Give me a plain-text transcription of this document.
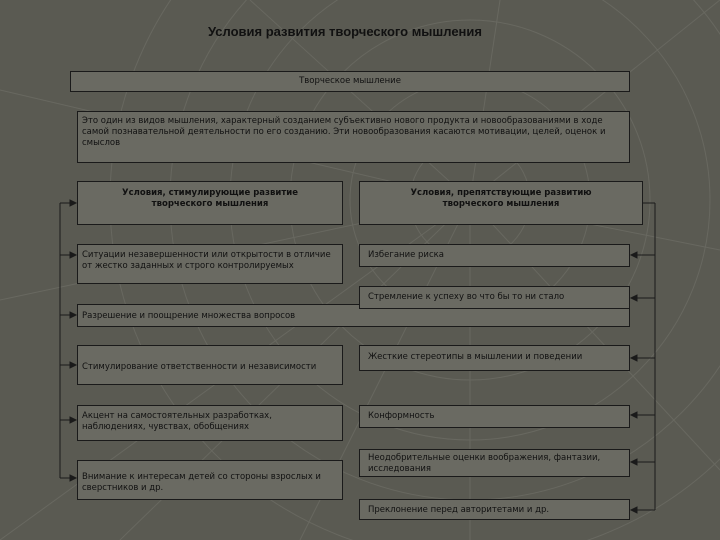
Условия развития творческого мышления
Творческое мышление
Это один из видов мышления, характерный созданием субъективно нового продукта и новообразованиями в ходе самой познавательной деятельности по его созданию. Эти новообразования касаются мотивации, целей, оценок и смыслов
Условия, стимулирующие развитие творческого мышления
Условия, препятствующие развитию творческого мышления
Ситуации незавершенности или открытости в отличие от жестко заданных и строго контролируемых
Разрешение и поощрение множества вопросов
Стимулирование ответственности и независимости
Акцент на самостоятельных разработках, наблюдениях, чувствах, обобщениях
Внимание к интересам детей со стороны взрослых и сверстников и др.
Избегание риска
Стремление к успеху во что бы то ни стало
Жесткие стереотипы в мышлении и поведении
Конформность
Неодобрительные оценки воображения, фантазии, исследования
Преклонение перед авторитетами и др.
